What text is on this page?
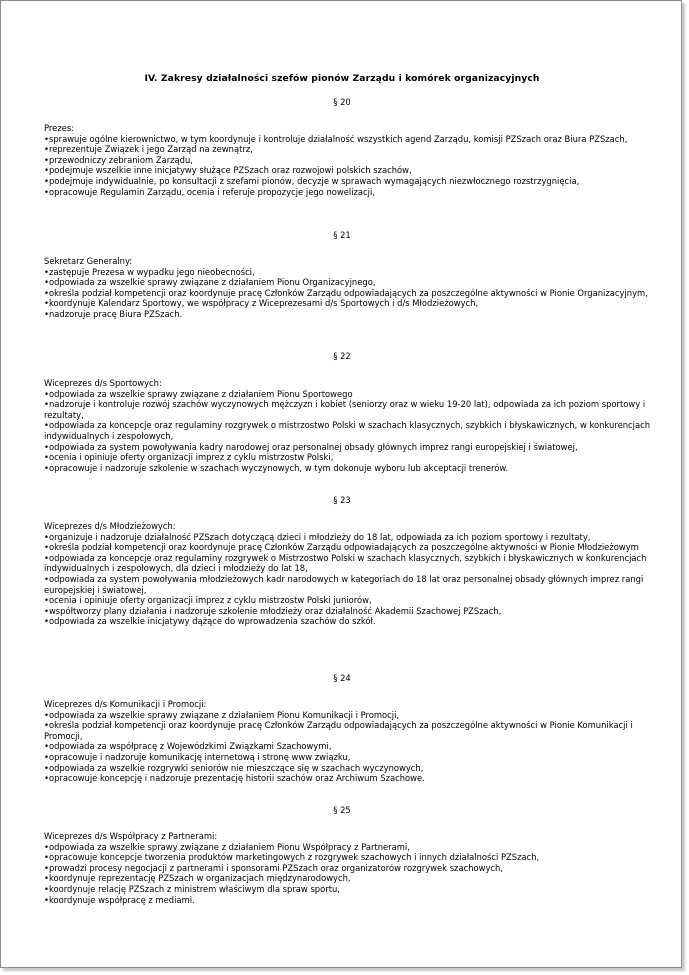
IV. Zakresy działalności szefów pionów Zarządu i komórek organizacyjnych
§ 20

Prezes:

• sprawuje ogólne kierownictwo, w tym koordynuje i kontroluje działalność wszystkich agend Zarządu, komisji PZSzach oraz Biura PZSzach,
• reprezentuje Związek i jego Zarząd na zewnątrz,
• przewodniczy zebraniom Zarządu,
• podejmuje wszelkie inne inicjatywy służące PZSzach oraz rozwojowi polskich szachów,
• podejmuje indywidualnie, po konsultacji z szefami pionów, decyzje w sprawach wymagających niezwłocznego rozstrzygnięcia,
• opracowuje Regulamin Zarządu, ocenia i referuje propozycje jego nowelizacji,
§ 21

Sekretarz Generalny:

• zastępuje Prezesa w wypadku jego nieobecności,
• odpowiada za wszelkie sprawy związane z działaniem Pionu Organizacyjnego,
• określa podział kompetencji oraz koordynuje pracę Członków Zarządu odpowiadających za poszczególne aktywności w Pionie Organizacyjnym,
• koordynuje Kalendarz Sportowy, we współpracy z Wiceprezesami d/s Sportowych i d/s Młodzieżowych,
• nadzoruje pracę Biura PZSzach.
§ 22

Wiceprezes d/s Sportowych:

• odpowiada za wszelkie sprawy związane z działaniem Pionu Sportowego
• nadzoruje i kontroluje rozwój szachów wyczynowych mężczyzn i kobiet (seniorzy oraz w wieku 19-20 lat), odpowiada za ich poziom sportowy i rezultaty,
• odpowiada za koncepcje oraz regulaminy rozgrywek o mistrzostwo Polski w szachach klasycznych, szybkich i błyskawicznych, w konkurencjach indywidualnych i zespołowych,
• odpowiada za system powoływania kadry narodowej oraz personalnej obsady głównych imprez rangi europejskiej i światowej,
• ocenia i opiniuje oferty organizacji imprez z cyklu mistrzostw Polski,
• opracowuje i nadzoruje szkolenie w szachach wyczynowych, w tym dokonuje wyboru lub akceptacji trenerów.
§ 23

Wiceprezes d/s Młodzieżowych:

• organizuje i nadzoruje działalność PZSzach dotyczącą dzieci i młodzieży do 18 lat, odpowiada za ich poziom sportowy i rezultaty,
• określa podział kompetencji oraz koordynuje pracę Członków Zarządu odpowiadających za poszczególne aktywności w Pionie Młodzieżowym
• odpowiada za koncepcje oraz regulaminy rozgrywek o Mistrzostwo Polski w szachach klasycznych, szybkich i błyskawicznych w konkurencjach indywidualnych i zespołowych, dla dzieci i młodzieży do lat 18,
• odpowiada za system powoływania młodzieżowych kadr narodowych w kategoriach do 18 lat oraz personalnej obsady głównych imprez rangi europejskiej i światowej,
• ocenia i opiniuje oferty organizacji imprez z cyklu mistrzostw Polski juniorów,
• współtworzy plany działania i nadzoruje szkolenie młodzieży oraz działalność Akademii Szachowej PZSzach,
• odpowiada za wszelkie inicjatywy dążące do wprowadzenia szachów do szkół.
§ 24

Wiceprezes d/s Komunikacji i Promocji:

• odpowiada za wszelkie sprawy związane z działaniem Pionu Komunikacji i Promocji,
• określa podział kompetencji oraz koordynuje pracę Członków Zarządu odpowiadających za poszczególne aktywności w Pionie Komunikacji i Promocji,
• odpowiada za współpracę z Wojewódzkimi Związkami Szachowymi,
• opracowuje i nadzoruje komunikację internetową i stronę www związku,
• odpowiada za wszelkie rozgrywki seniorów nie mieszczące się w szachach wyczynowych,
• opracowuje koncepcję i nadzoruje prezentację historii szachów oraz Archiwum Szachowe.
§ 25

Wiceprezes d/s Współpracy z Partnerami:

• odpowiada za wszelkie sprawy związane z działaniem Pionu Współpracy z Partnerami,
• opracowuje koncepcje tworzenia produktów marketingowych z rozgrywek szachowych i innych działalności PZSzach,
• prowadzi procesy negocjacji z partnerami i sponsorami PZSzach oraz organizatorów rozgrywek szachowych,
• koordynuje reprezentację PZSzach w organizacjach międzynarodowych,
• koordynuje relację PZSzach z ministrem właściwym dla spraw sportu,
• koordynuje współpracę z mediami.
